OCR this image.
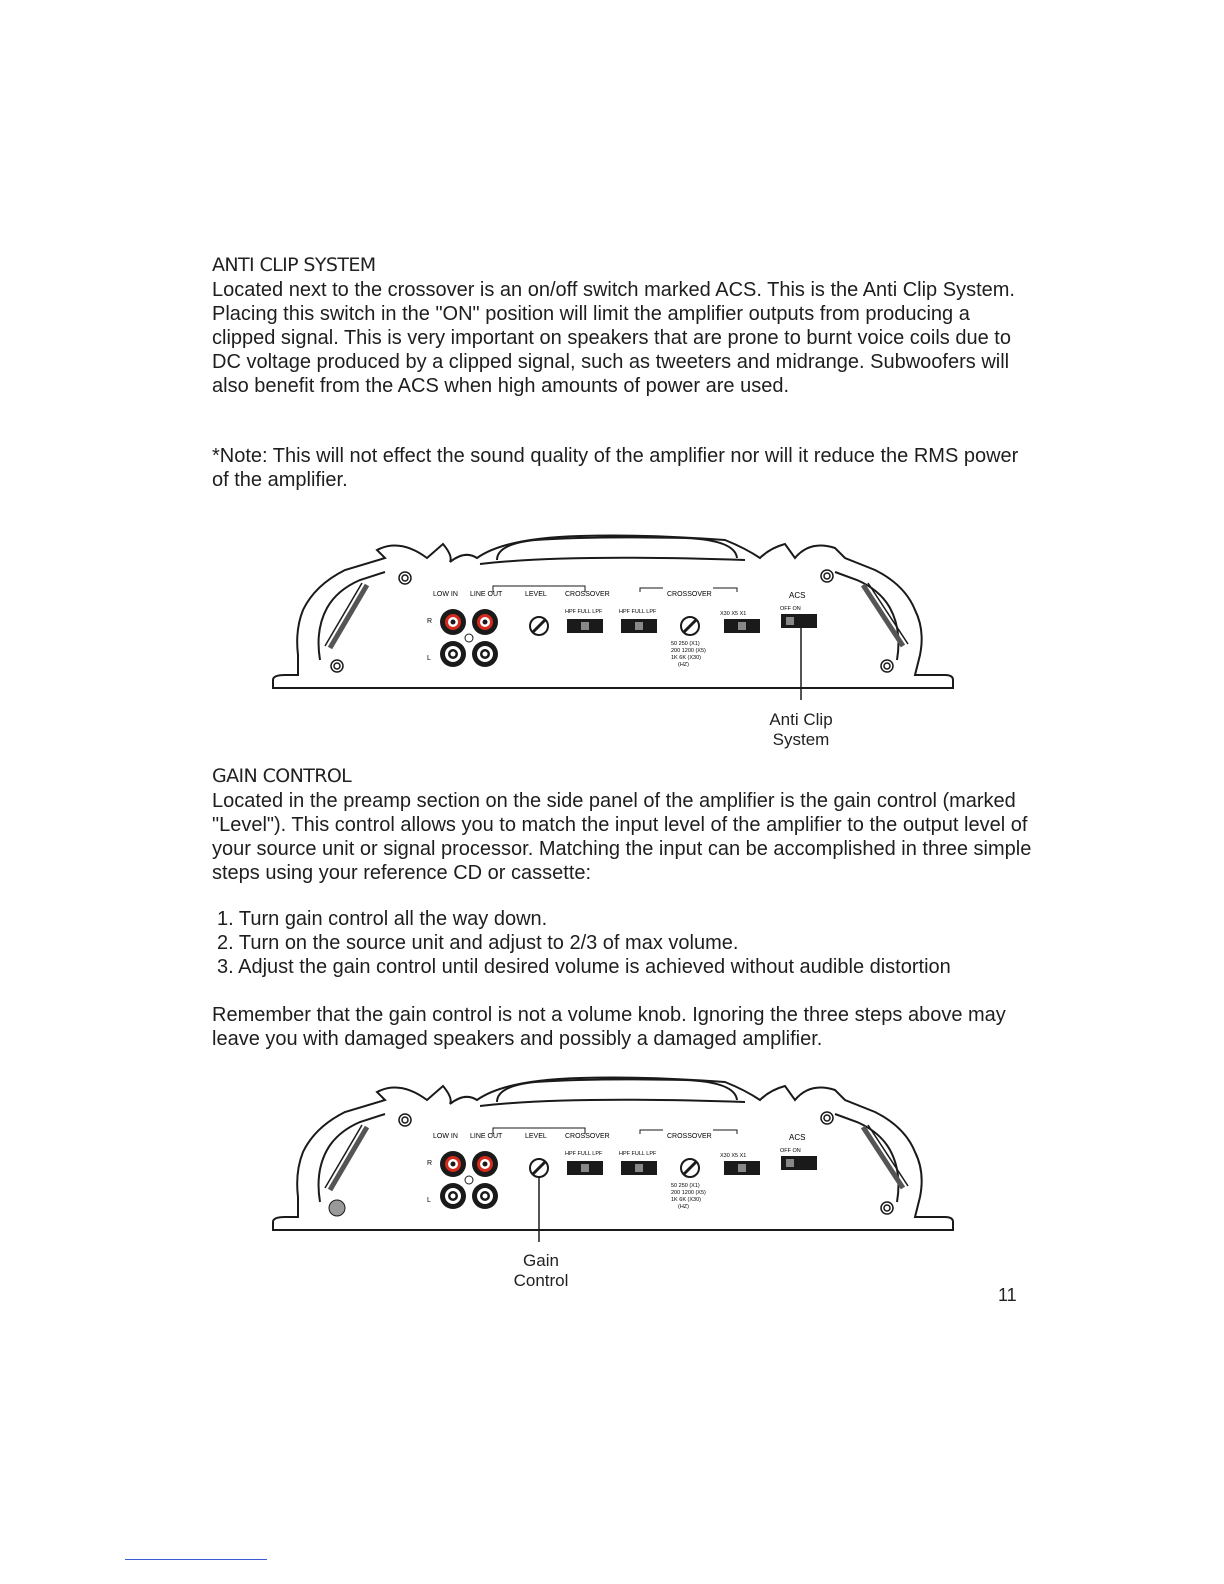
ANTI CLIP SYSTEM

Located next to the crossover is an on/off switch marked ACS. This is the Anti Clip System. Placing this switch in the "ON" position will limit the amplifier outputs from producing a clipped signal. This is very important on speakers that are prone to burnt voice coils due to DC voltage produced by a clipped signal, such as tweeters and midrange. Subwoofers will also benefit from the ACS when high amounts of power are used.

*Note: This will not effect the sound quality of the amplifier nor will it reduce the RMS power of the amplifier.

LOW IN LINE OUT	LEVEL	CROSSOVER	CROSSOVER	ACS
HPF FULL LPF	HPF FULL LPF	X30 X5 X1
OFF ON
R
L
50 250 (X1)
200 1200 (X5)
1K 6K (X30)
(HZ)
Anti Clip
System
GAIN CONTROL

Located in the preamp section on the side panel of the amplifier is the gain control (marked "Level"). This control allows you to match the input level of the amplifier to the output level of your source unit or signal processor. Matching the input can be accomplished in three simple steps using your reference CD or cassette:

1. Turn gain control all the way down.
2. Turn on the source unit and adjust to 2/3 of max volume.
3. Adjust the gain control until desired volume is achieved without audible distortion

Remember that the gain control is not a volume knob. Ignoring the three steps above may leave you with damaged speakers and possibly a damaged amplifier.

LOW IN LINE OUT	LEVEL	CROSSOVER	CROSSOVER	ACS
HPF FULL LPF	HPF FULL LPF	X30 X5 X1
OFF ON
R
L
50 250 (X1)
200 1200 (X5)
1K 6K (X30)
(HZ)
Gain
Control
11
